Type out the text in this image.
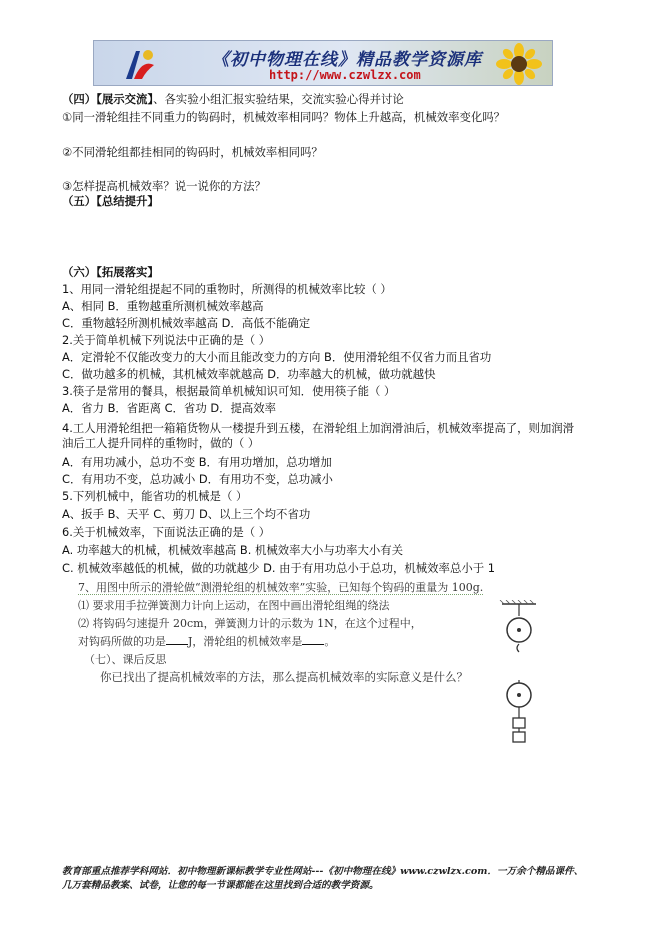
《初中物理在线》精品教学资源库
http://www.czwlzx.com
（四）【展示交流】、各实验小组汇报实验结果，交流实验心得并讨论
①同一滑轮组挂不同重力的钩码时，机械效率相同吗？物体上升越高，机械效率变化吗？
②不同滑轮组都挂相同的钩码时，机械效率相同吗？
③怎样提高机械效率？说一说你的方法？
（五）【总结提升】
（六）【拓展落实】
1、用同一滑轮组提起不同的重物时，所测得的机械效率比较（ ）
A、相同 B．重物越重所测机械效率越高
C．重物越轻所测机械效率越高 D．高低不能确定
2.关于简单机械下列说法中正确的是（ ）
A．定滑轮不仅能改变力的大小而且能改变力的方向 B．使用滑轮组不仅省力而且省功
C．做功越多的机械，其机械效率就越高 D．功率越大的机械，做功就越快
3.筷子是常用的餐具，根据最简单机械知识可知．使用筷子能（ ）
A．省力 B．省距离 C．省功 D．提高效率
4.工人用滑轮组把一箱箱货物从一楼提升到五楼，在滑轮组上加润滑油后，机械效率提高了，则加润滑
油后工人提升同样的重物时，做的（ ）
A．有用功减小，总功不变 B．有用功增加，总功增加
C．有用功不变，总功减小 D．有用功不变，总功减小
5.下列机械中，能省功的机械是（ ）
A、扳手 B、天平 C、剪刀 D、以上三个均不省功
6.关于机械效率，下面说法正确的是（ ）
A. 功率越大的机械，机械效率越高 B. 机械效率大小与功率大小有关
C. 机械效率越低的机械，做的功就越少 D. 由于有用功总小于总功，机械效率总小于 1
7、用图中所示的滑轮做“测滑轮组的机械效率”实验，已知每个钩码的重量为 100g.
⑴ 要求用手拉弹簧测力计向上运动，在图中画出滑轮组绳的绕法
⑵ 将钩码匀速提升 20cm，弹簧测力计的示数为 1N，在这个过程中，
对钩码所做的功是 J，滑轮组的机械效率是 。
（七）、课后反思
你已找出了提高机械效率的方法，那么提高机械效率的实际意义是什么？
教育部重点推荐学科网站．初中物理新课标教学专业性网站---《初中物理在线》www.czwlzx.com．一万余个精品课件、
几万套精品教案、试卷，让您的每一节课都能在这里找到合适的教学资源。
